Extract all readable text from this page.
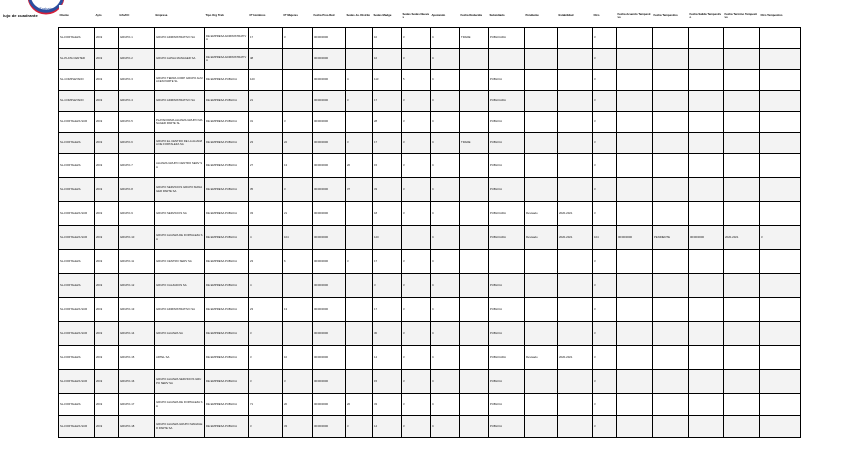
Trabajo
lujo de cuadrante	Cliente	Ayto	Info/CC	Empresa	Tipo Org Trab	Nº Hombres	Nº Mujeres	Fecha Pres.Red	Sedes Ju. Distrito	Sedes Madge	Sedes Sedes Nuevas	Ajustando	Fecha Reducida	Subsidiado	Pendiente	Estabilidad	Otro	Fecha Acuerdo Tempestivo	Fecha Tempestivo	Fecha Salida Tempestivo	Fecha Termino Tempestivo	Otro Tempestivo
SL-FORTALEZA	2019	GRUPO-1	GRUPO ADMINISTRATIVO SA	DE EMPRESA ADMINISTRATIVA	17	3	00/00/0000		10	3	C	TRADE	PUBLICADA			3					
SL-PLATA CENTER	2019	GRUPO-2	GRUPO ALPHA MANAGER SA	DE EMPRESA ADMINISTRATIVA	48		00/00/0000		16	3	C					3					
SL-COMPLETADO	2019	GRUPO-3	GRUPO TERRA CORP GRUPO ALMACEN PARTE SL	DE EMPRESA PUBLICA	120		00/00/0000	4	113	5	C		PUBLICA			3					
SL-COMPLETADO	2019	GRUPO-4	GRUPO ADMINISTRATIVO SA	DE EMPRESA PUBLICA	21		00/00/0000	3	17	3	C		PUBLICADA			3					
SL-FORTALEZA SUR	2019	GRUPO-5	PLATAFORMA ALIANZA GRUPO MANAGER PARTE SL	DE EMPRESA PUBLICA	31	3	00/00/0000		28	3	C		PUBLICA			3					
SL-FORTALEZA	2019	GRUPO-6	GRUPO EL CENTRO DE LA ALIANZA DE FORTALEZA SA	DE EMPRESA PUBLICA	23	22	00/00/0000	3	17	3	C	TRADE	PUBLICA			3					
SL-FORTALEZA	2019	GRUPO-7	ALIANZA GRUPO CENTRO SERV SA	DE EMPRESA PUBLICA	27	13	00/00/0000	20	15	3	C		PUBLICA			3					
SL-FORTALEZA	2019	GRUPO-8	GRUPO SERVICIOS GRUPO MANAGER PARTE SA	DE EMPRESA PUBLICA	35	3	00/00/0000	37	33	3	C		PUBLICA			3					
SL-FORTALEZA SUR	2019	GRUPO-9	GRUPO SERVICIOS SA	DE EMPRESA PUBLICA	33	21	00/00/0000		18	3	C		PUBLICADA	Revisado	2020-2021	3					
SL-FORTALEZA SUR	2019	GRUPO-10	GRUPO ALIANZA DE FORTALEZA SA	DE EMPRESA PUBLICA	4	104	00/00/0000		120		C		PUBLICADA	Revisado	2020-2021	104	00/00/0000	PENDIENTE	00/00/0000	2020-2021	3
SL-FORTALEZA	2019	GRUPO-11	GRUPO CENTRO SERV SA	DE EMPRESA PUBLICA	23	6	00/00/0000	3	17	3	C					3					
SL-FORTALEZA	2019	GRUPO-12	GRUPO CALZADOS SA	DE EMPRESA PUBLICA	4		00/00/0000		3	3	C		PUBLICA			3					
SL-FORTALEZA SUR	2019	GRUPO-13	GRUPO ADMINISTRATIVO SA	DE EMPRESA PUBLICA	23	13	00/00/0000		17	3	C		PUBLICA			3					
SL-FORTALEZA SUR	2019	GRUPO-14	GRUPO ALIANZA SA	DE EMPRESA PUBLICA	3		00/00/0000		30	3	C		PUBLICA			3					
SL-FORTALEZA	2019	GRUPO-15	ARTEL SA	DE EMPRESA PUBLICA	3	10	00/00/0000		14	3	C		PUBLICADA	Revisado	2020-2021	3					
SL-FORTALEZA SUR	2019	GRUPO-16	GRUPO ALIANZA SERVICIOS GRUPO SERV SA	DE EMPRESA PUBLICA	3	3	00/00/0000		15	3	C		PUBLICA			3					
SL-FORTALEZA	2019	GRUPO-17	GRUPO ALIANZA DE FORTALEZA SA	DE EMPRESA PUBLICA	71	20	00/00/0000	20	33	3	C		PUBLICA			3					
SL-FORTALEZA SUR	2019	GRUPO-18	GRUPO ALIANZA GRUPO MANAGER PARTE SA	DE EMPRESA PUBLICA	3	33	00/00/0000	3	14	3	C		PUBLICA			3					
